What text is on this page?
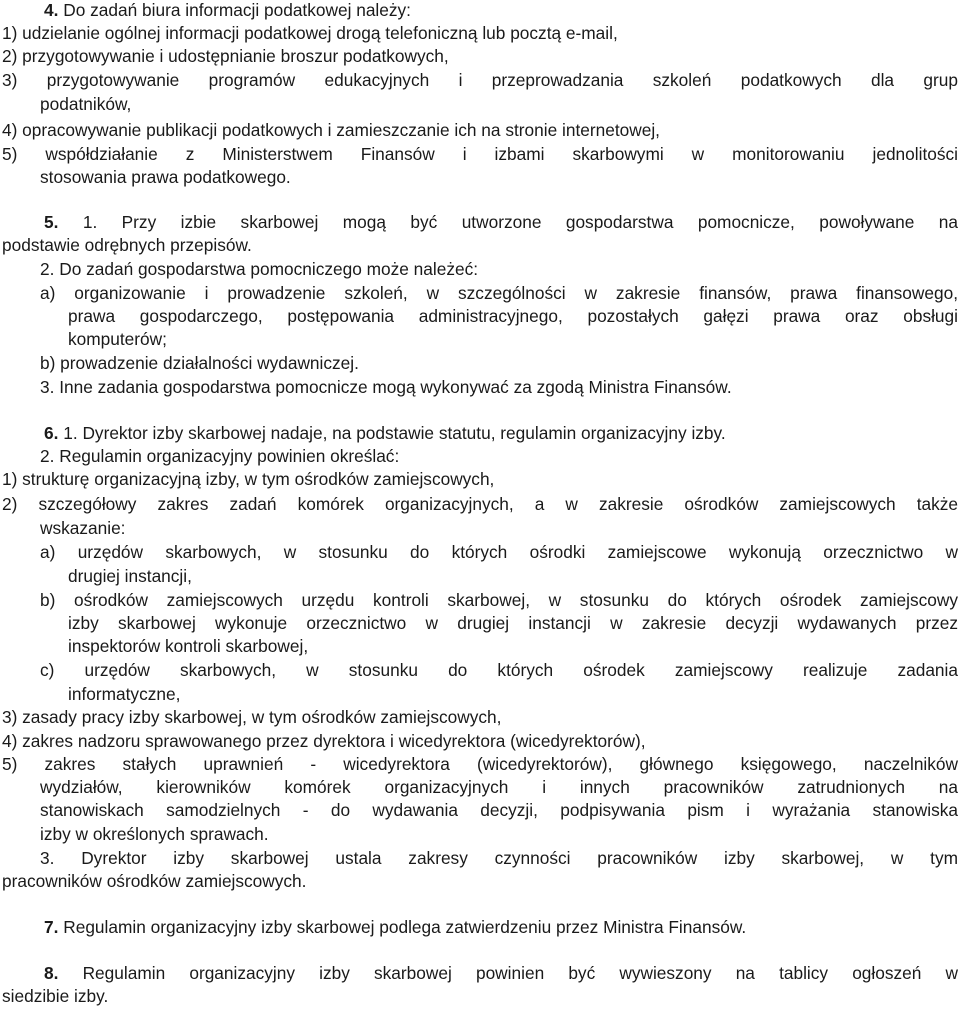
4. Do zadań biura informacji podatkowej należy:
1) udzielanie ogólnej informacji podatkowej drogą telefoniczną lub pocztą e-mail,
2) przygotowywanie i udostępnianie broszur podatkowych,
3) przygotowywanie programów edukacyjnych i przeprowadzania szkoleń podatkowych dla grup
podatników,
4) opracowywanie publikacji podatkowych i zamieszczanie ich na stronie internetowej,
5) współdziałanie z Ministerstwem Finansów i izbami skarbowymi w monitorowaniu jednolitości
stosowania prawa podatkowego.
5. 1. Przy izbie skarbowej mogą być utworzone gospodarstwa pomocnicze, powoływane na
podstawie odrębnych przepisów.
2. Do zadań gospodarstwa pomocniczego może należeć:
a) organizowanie i prowadzenie szkoleń, w szczególności w zakresie finansów, prawa finansowego,
prawa gospodarczego, postępowania administracyjnego, pozostałych gałęzi prawa oraz obsługi
komputerów;
b) prowadzenie działalności wydawniczej.
3. Inne zadania gospodarstwa pomocnicze mogą wykonywać za zgodą Ministra Finansów.
6. 1. Dyrektor izby skarbowej nadaje, na podstawie statutu, regulamin organizacyjny izby.
2. Regulamin organizacyjny powinien określać:
1) strukturę organizacyjną izby, w tym ośrodków zamiejscowych,
2) szczegółowy zakres zadań komórek organizacyjnych, a w zakresie ośrodków zamiejscowych także
wskazanie:
a) urzędów skarbowych, w stosunku do których ośrodki zamiejscowe wykonują orzecznictwo w
drugiej instancji,
b) ośrodków zamiejscowych urzędu kontroli skarbowej, w stosunku do których ośrodek zamiejscowy
izby skarbowej wykonuje orzecznictwo w drugiej instancji w zakresie decyzji wydawanych przez
inspektorów kontroli skarbowej,
c) urzędów skarbowych, w stosunku do których ośrodek zamiejscowy realizuje zadania
informatyczne,
3) zasady pracy izby skarbowej, w tym ośrodków zamiejscowych,
4) zakres nadzoru sprawowanego przez dyrektora i wicedyrektora (wicedyrektorów),
5) zakres stałych uprawnień - wicedyrektora (wicedyrektorów), głównego księgowego, naczelników
wydziałów, kierowników komórek organizacyjnych i innych pracowników zatrudnionych na
stanowiskach samodzielnych - do wydawania decyzji, podpisywania pism i wyrażania stanowiska
izby w określonych sprawach.
3. Dyrektor izby skarbowej ustala zakresy czynności pracowników izby skarbowej, w tym
pracowników ośrodków zamiejscowych.
7. Regulamin organizacyjny izby skarbowej podlega zatwierdzeniu przez Ministra Finansów.
8. Regulamin organizacyjny izby skarbowej powinien być wywieszony na tablicy ogłoszeń w
siedzibie izby.
